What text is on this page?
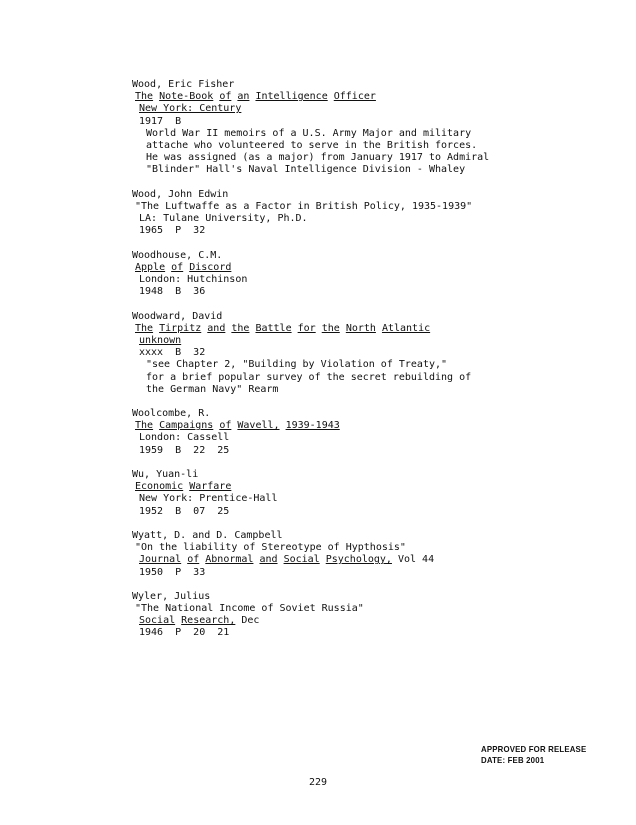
Wood, Eric Fisher
The Note-Book of an Intelligence Officer
New York: Century
1917  B
World War II memoirs of a U.S. Army Major and military
attache who volunteered to serve in the British forces.
He was assigned (as a major) from January 1917 to Admiral
"Blinder" Hall's Naval Intelligence Division - Whaley
Wood, John Edwin
"The Luftwaffe as a Factor in British Policy, 1935-1939"
LA: Tulane University, Ph.D.
1965  P  32
Woodhouse, C.M.
Apple of Discord
London: Hutchinson
1948  B  36
Woodward, David
The Tirpitz and the Battle for the North Atlantic
unknown
xxxx  B  32
"see Chapter 2, "Building by Violation of Treaty,"
for a brief popular survey of the secret rebuilding of
the German Navy" Rearm
Woolcombe, R.
The Campaigns of Wavell, 1939-1943
London: Cassell
1959  B  22  25
Wu, Yuan-li
Economic Warfare
New York: Prentice-Hall
1952  B  07  25
Wyatt, D. and D. Campbell
"On the liability of Stereotype of Hypthosis"
Journal of Abnormal and Social Psychology, Vol 44
1950  P  33
Wyler, Julius
"The National Income of Soviet Russia"
Social Research, Dec
1946  P  20  21
APPROVED FOR RELEASE
DATE: FEB 2001
229
